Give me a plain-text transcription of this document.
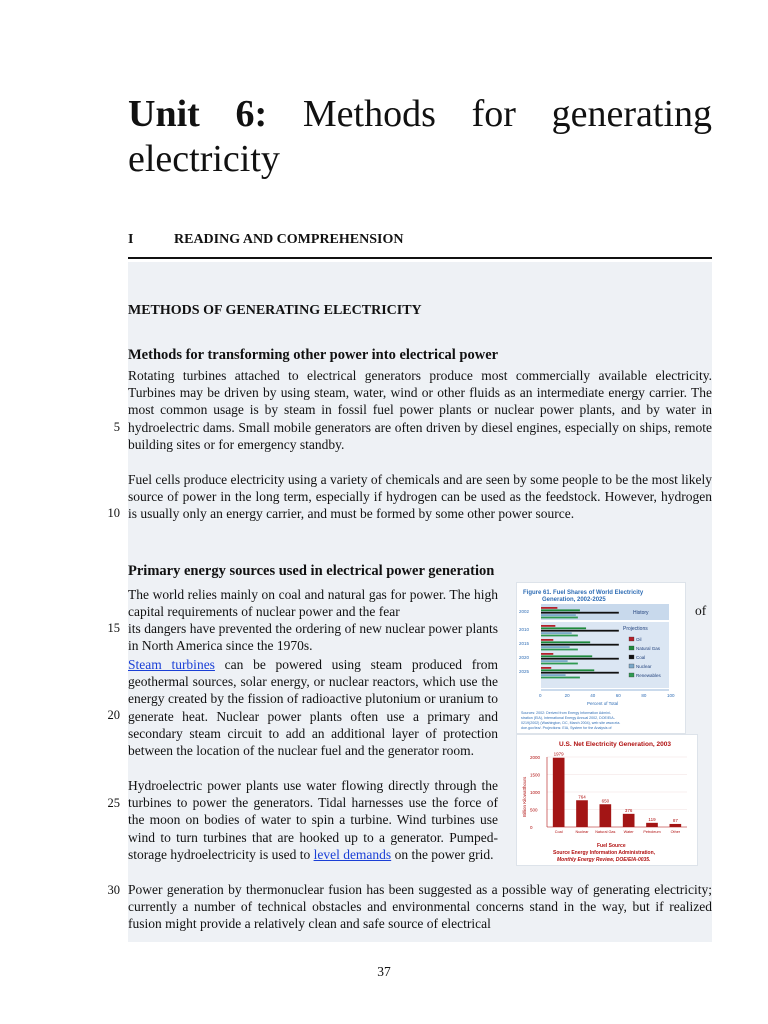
Unit 6: Methods for generating electricity
I	READING AND COMPREHENSION
METHODS OF GENERATING ELECTRICITY
Methods for transforming other power into electrical power
Rotating turbines attached to electrical generators produce most commercially available electricity. Turbines may be driven by using steam, water, wind or other fluids as an intermediate energy carrier. The most common usage is by steam in fossil fuel power plants or nuclear power plants, and by water in hydroelectric dams. Small mobile generators are often driven by diesel engines, especially on ships, remote building sites or for emergency standby.
Fuel cells produce electricity using a variety of chemicals and are seen by some people to be the most likely source of power in the long term, especially if hydrogen can be used as the feedstock. However, hydrogen is usually only an energy carrier, and must be formed by some other power source.
Primary energy sources used in electrical power generation
The world relies mainly on coal and natural gas for power. The high capital requirements of nuclear power and the fear	of
its dangers have prevented the ordering of new nuclear power plants in North America since the 1970s.
Steam turbines can be powered using steam produced from geothermal sources, solar energy, or nuclear reactors, which use the energy created by the fission of radioactive plutonium or uranium to generate heat. Nuclear power plants often use a primary and secondary steam circuit to add an additional layer of protection between the location of the nuclear fuel and the generator room.
Hydroelectric power plants use water flowing directly through the turbines to power the generators. Tidal harnesses use the force of the moon on bodies of water to spin a turbine. Wind turbines use wind to turn turbines that are hooked up to a generator. Pumped-storage hydroelectricity is used to level demands on the power grid.
Power generation by thermonuclear fusion has been suggested as a possible way of generating electricity; currently a number of technical obstacles and environmental concerns stand in the way, but if realized fusion might provide a relatively clean and safe source of electrical
5
10
15
20
25
30
Figure 61. Fuel Shares of World Electricity
Generation, 2002-2025
History
Projections
2002
2010
2015
2020
2025
0	20	40	60	80	100
Oil
Natural Gas
Coal
Nuclear
Renewables
Percent of Total
Sources: 2002: Derived from Energy Information Admini-
stration (EIA), International Energy Annual 2002, DOE/EIA-
0219(2002) (Washington, DC, March 2004), web site www.eia.
doe.gov/iea/. Projections: EIA, System for the Analysis of
U.S. Net Electricity Generation, 2003
Billion Kilowatthours
2000
1500
1000
500
0
1979
Coal
764
Nuclear
650
Natural Gas
376
Water
119
Petroleum
87
Other
Fuel Source
Source Energy Information Administration,
Monthly Energy Review, DOE/EIA-0035.
37
